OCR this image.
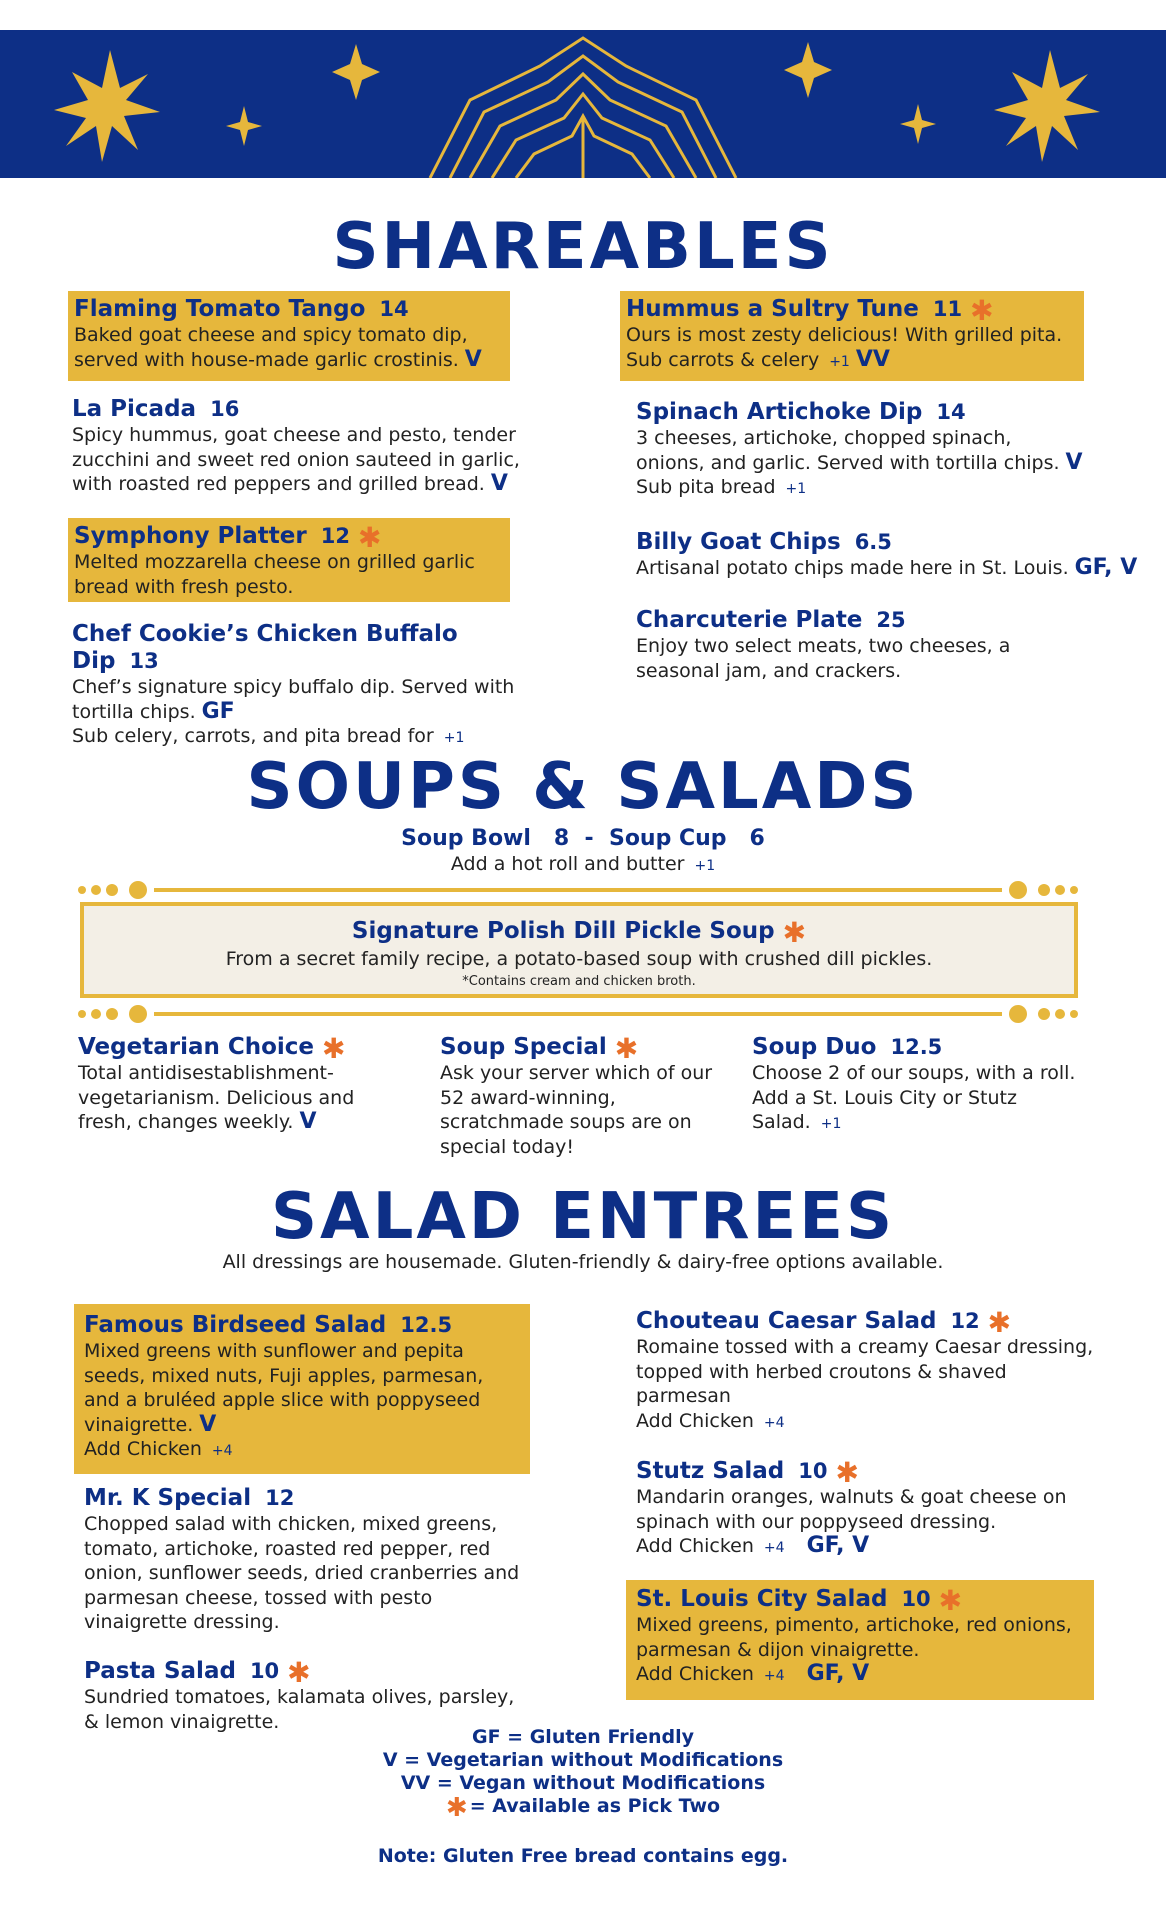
SHAREABLES
Flaming Tomato Tango 14
Baked goat cheese and spicy tomato dip, served with house-made garlic crostinis. V
La Picada 16
Spicy hummus, goat cheese and pesto, tender zucchini and sweet red onion sauteed in garlic, with roasted red peppers and grilled bread. V
Symphony Platter 12 ✱
Melted mozzarella cheese on grilled garlic bread with fresh pesto.
Chef Cookie’s Chicken Buffalo Dip 13
Chef’s signature spicy buffalo dip. Served with tortilla chips. GF
Sub celery, carrots, and pita bread for +1
Hummus a Sultry Tune 11 ✱
Ours is most zesty delicious! With grilled pita.
Sub carrots & celery +1 VV
Spinach Artichoke Dip 14
3 cheeses, artichoke, chopped spinach, onions, and garlic. Served with tortilla chips. V
Sub pita bread +1
Billy Goat Chips 6.5
Artisanal potato chips made here in St. Louis. GF, V
Charcuterie Plate 25
Enjoy two select meats, two cheeses, a seasonal jam, and crackers.
SOUPS & SALADS
Soup Bowl   8  -  Soup Cup   6
Add a hot roll and butter +1
Signature Polish Dill Pickle Soup ✱
From a secret family recipe, a potato-based soup with crushed dill pickles.
*Contains cream and chicken broth.
Vegetarian Choice ✱
Total antidisestablishment-vegetarianism. Delicious and fresh, changes weekly. V
Soup Special ✱
Ask your server which of our 52 award-winning, scratchmade soups are on special today!
Soup Duo 12.5
Choose 2 of our soups, with a roll. Add a St. Louis City or Stutz Salad. +1
SALAD ENTREES
All dressings are housemade. Gluten-friendly & dairy-free options available.
Famous Birdseed Salad 12.5
Mixed greens with sunflower and pepita seeds, mixed nuts, Fuji apples, parmesan, and a bruléed apple slice with poppyseed vinaigrette. V
Add Chicken +4
Mr. K Special 12
Chopped salad with chicken, mixed greens, tomato, artichoke, roasted red pepper, red onion, sunflower seeds, dried cranberries and parmesan cheese, tossed with pesto vinaigrette dressing.
Pasta Salad 10 ✱
Sundried tomatoes, kalamata olives, parsley, & lemon vinaigrette.
Chouteau Caesar Salad 12 ✱
Romaine tossed with a creamy Caesar dressing, topped with herbed croutons & shaved parmesan
Add Chicken +4
Stutz Salad 10 ✱
Mandarin oranges, walnuts & goat cheese on spinach with our poppyseed dressing.
Add Chicken +4 GF, V
St. Louis City Salad 10 ✱
Mixed greens, pimento, artichoke, red onions, parmesan & dijon vinaigrette.
Add Chicken +4 GF, V
GF = Gluten Friendly
V = Vegetarian without Modifications
VV = Vegan without Modifications
✱ = Available as Pick Two
Note: Gluten Free bread contains egg.
